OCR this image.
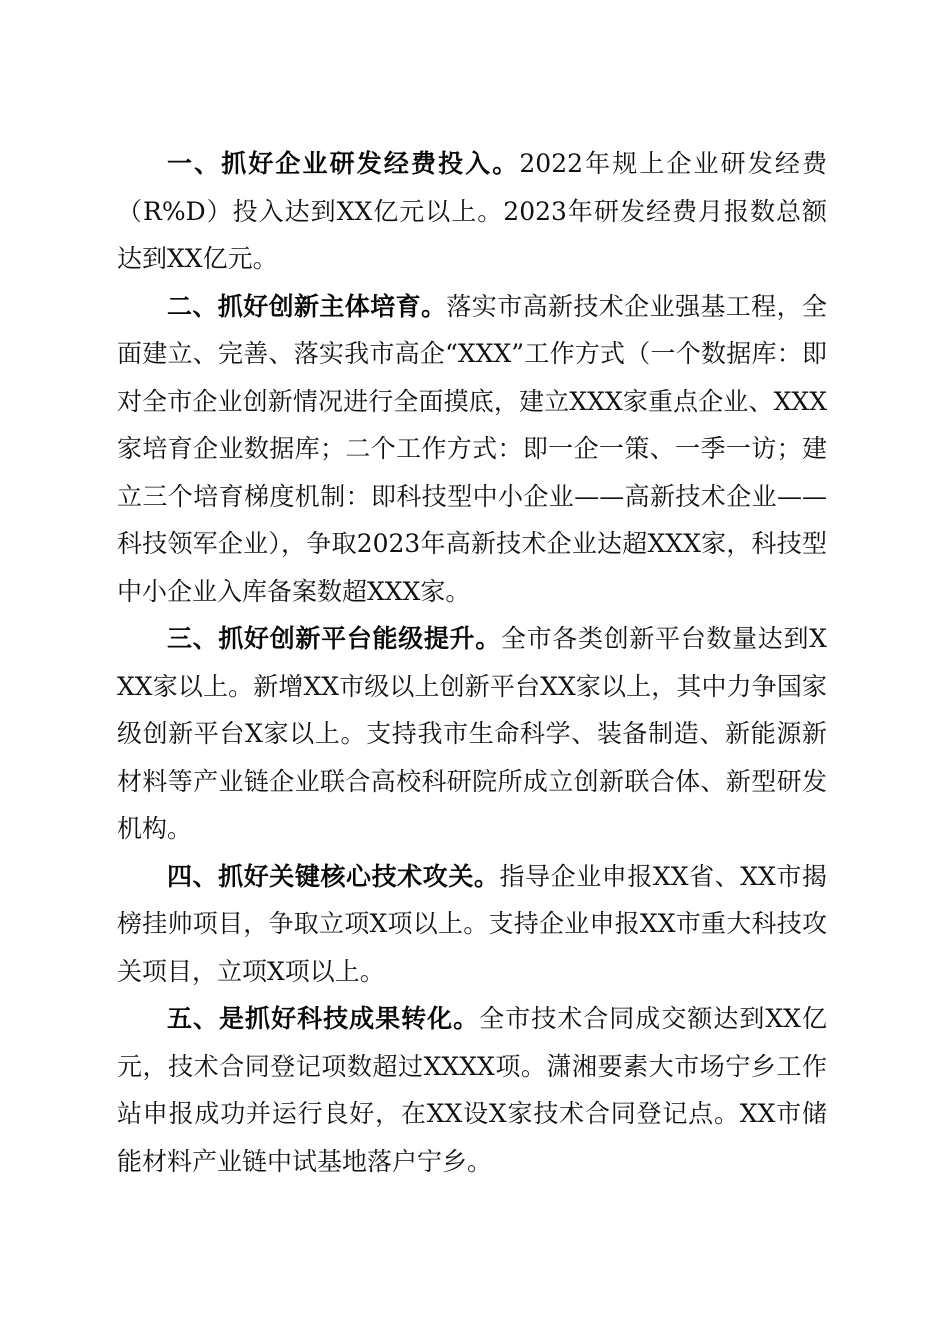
一、抓好企业研发经费投入。2022年规上企业研发经费（R%D）投入达到XX亿元以上。2023年研发经费月报数总额达到XX亿元。

二、抓好创新主体培育。落实市高新技术企业强基工程，全面建立、完善、落实我市高企“XXX”工作方式（一个数据库：即对全市企业创新情况进行全面摸底，建立XXX家重点企业、XXX家培育企业数据库；二个工作方式：即一企一策、一季一访；建立三个培育梯度机制：即科技型中小企业——高新技术企业——科技领军企业），争取2023年高新技术企业达超XXX家，科技型中小企业入库备案数超XXX家。

三、抓好创新平台能级提升。全市各类创新平台数量达到XXX家以上。新增XX市级以上创新平台XX家以上，其中力争国家级创新平台X家以上。支持我市生命科学、装备制造、新能源新材料等产业链企业联合高校科研院所成立创新联合体、新型研发机构。

四、抓好关键核心技术攻关。指导企业申报XX省、XX市揭榜挂帅项目，争取立项X项以上。支持企业申报XX市重大科技攻关项目，立项X项以上。

五、是抓好科技成果转化。全市技术合同成交额达到XX亿元，技术合同登记项数超过XXXX项。潇湘要素大市场宁乡工作站申报成功并运行良好，在XX设X家技术合同登记点。XX市储能材料产业链中试基地落户宁乡。
